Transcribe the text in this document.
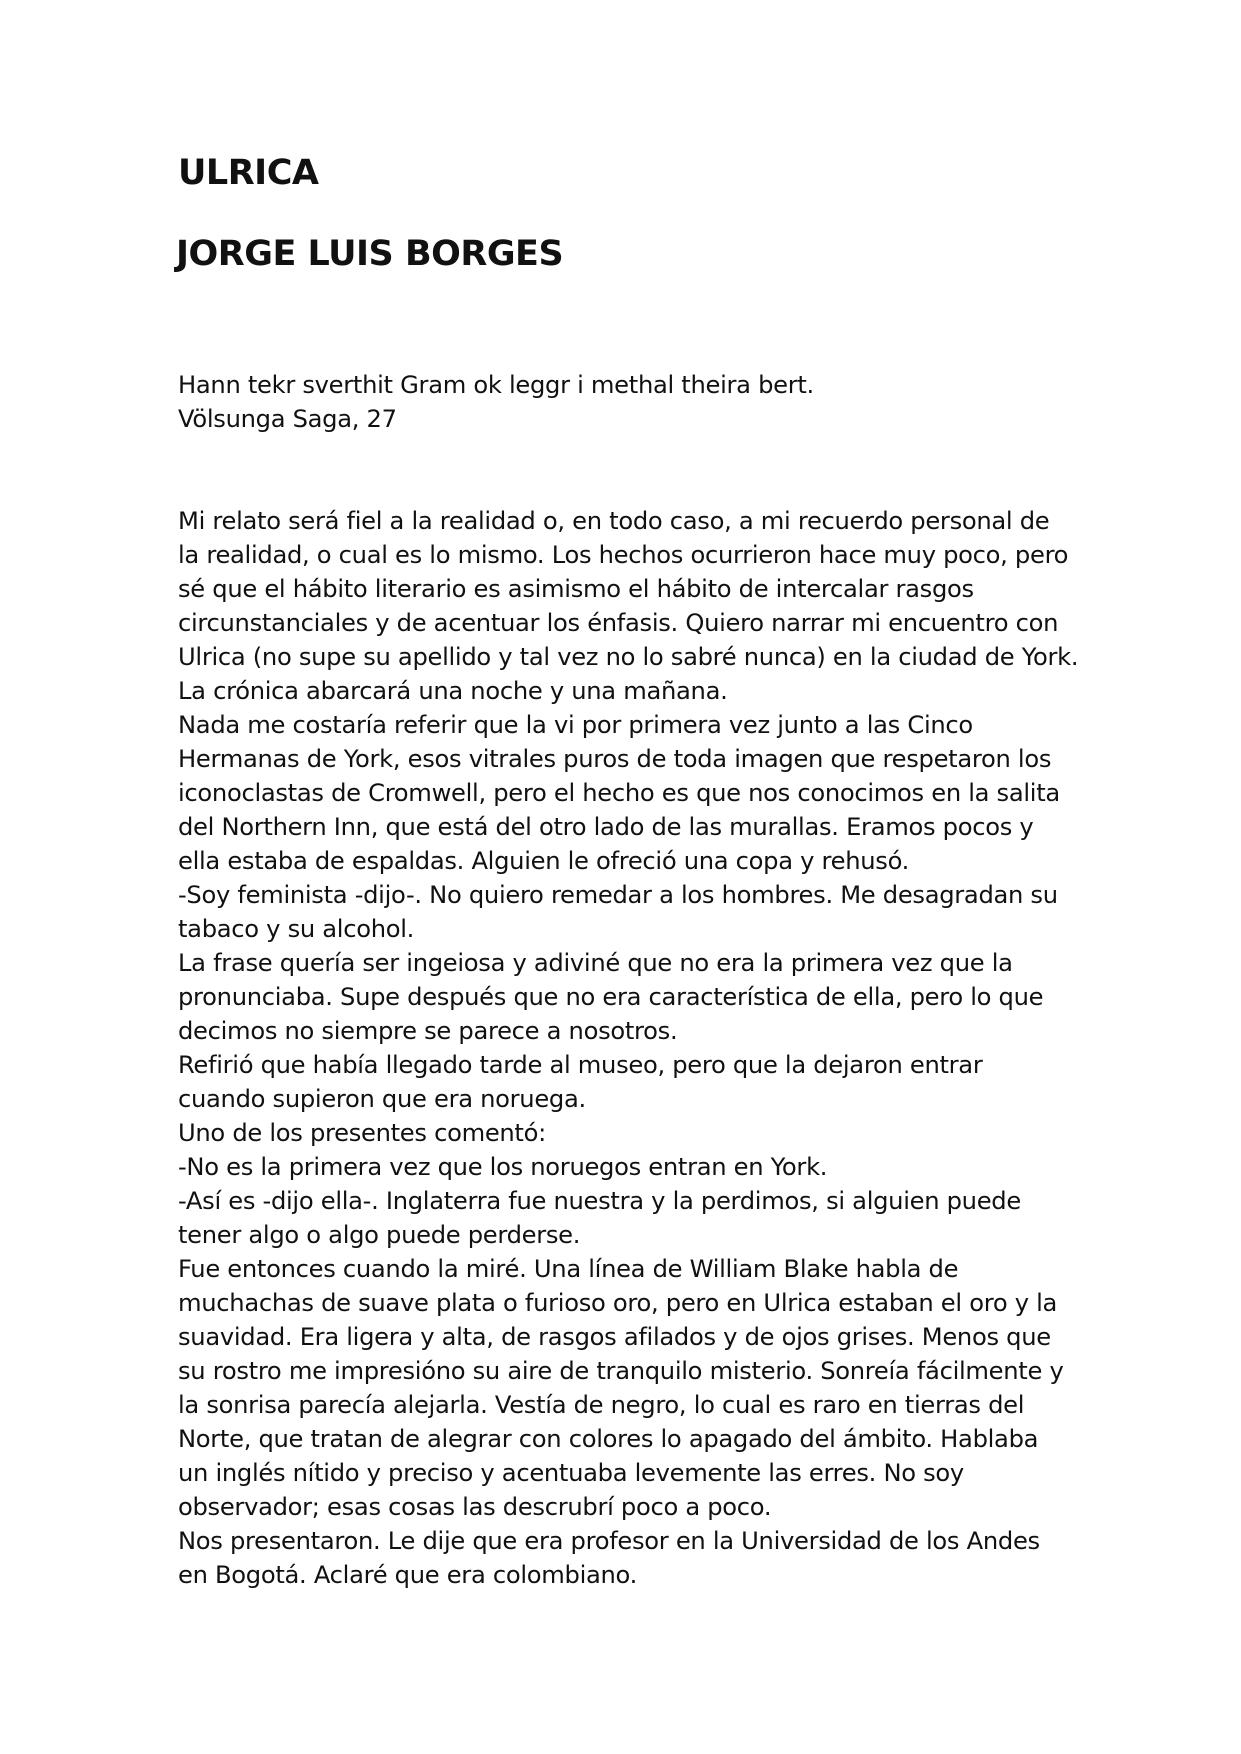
ULRICA
JORGE LUIS BORGES

Hann tekr sverthit Gram ok leggr i methal theira bert.

Völsunga Saga, 27

Mi relato será fiel a la realidad o, en todo caso, a mi recuerdo personal de
la realidad, o cual es lo mismo. Los hechos ocurrieron hace muy poco, pero
sé que el hábito literario es asimismo el hábito de intercalar rasgos
circunstanciales y de acentuar los énfasis. Quiero narrar mi encuentro con
Ulrica (no supe su apellido y tal vez no lo sabré nunca) en la ciudad de York.
La crónica abarcará una noche y una mañana.
Nada me costaría referir que la vi por primera vez junto a las Cinco
Hermanas de York, esos vitrales puros de toda imagen que respetaron los
iconoclastas de Cromwell, pero el hecho es que nos conocimos en la salita
del Northern Inn, que está del otro lado de las murallas. Eramos pocos y
ella estaba de espaldas. Alguien le ofreció una copa y rehusó.
-Soy feminista -dijo-. No quiero remedar a los hombres. Me desagradan su
tabaco y su alcohol.
La frase quería ser ingeiosa y adiviné que no era la primera vez que la
pronunciaba. Supe después que no era característica de ella, pero lo que
decimos no siempre se parece a nosotros.
Refirió que había llegado tarde al museo, pero que la dejaron entrar
cuando supieron que era noruega.
Uno de los presentes comentó:
-No es la primera vez que los noruegos entran en York.
-Así es -dijo ella-. Inglaterra fue nuestra y la perdimos, si alguien puede
tener algo o algo puede perderse.
Fue entonces cuando la miré. Una línea de William Blake habla de
muchachas de suave plata o furioso oro, pero en Ulrica estaban el oro y la
suavidad. Era ligera y alta, de rasgos afilados y de ojos grises. Menos que
su rostro me impresióno su aire de tranquilo misterio. Sonreía fácilmente y
la sonrisa parecía alejarla. Vestía de negro, lo cual es raro en tierras del
Norte, que tratan de alegrar con colores lo apagado del ámbito. Hablaba
un inglés nítido y preciso y acentuaba levemente las erres. No soy
observador; esas cosas las descrubrí poco a poco.
Nos presentaron. Le dije que era profesor en la Universidad de los Andes
en Bogotá. Aclaré que era colombiano.
